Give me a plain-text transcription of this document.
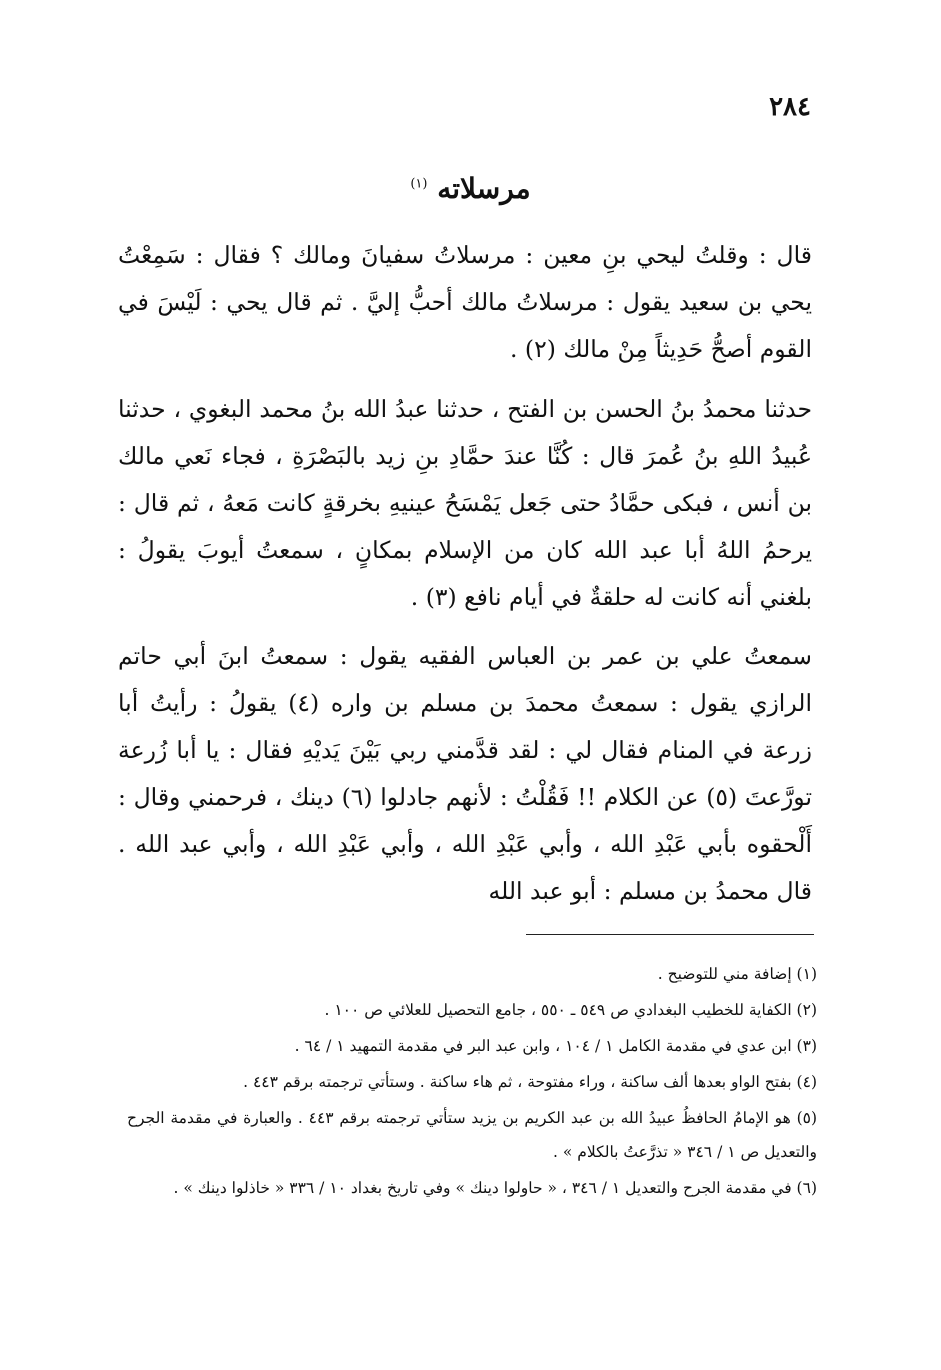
٢٨٤
مرسلاته $^{(١)}$

قال : وقلتُ ليحي بنِ معين : مرسلاتُ سفيانَ ومالك ؟ فقال : سَمِعْتُ يحي بن سعيد يقول : مرسلاتُ مالك أحبُّ إليَّ . ثم قال يحي : لَيْسَ في القوم أصحُّ حَدِيثاً مِنْ مالك (٢) .

حدثنا محمدُ بنُ الحسن بن الفتح ، حدثنا عبدُ الله بنُ محمد البغوي ، حدثنا عُبيدُ اللهِ بنُ عُمرَ قال : كُنَّا عندَ حمَّادِ بنِ زيد بالبَصْرَةِ ، فجاء نَعي مالك بن أنس ، فبكى حمَّادُ حتى جَعل يَمْسَحُ عينيهِ بخرقةٍ كانت مَعهُ ، ثم قال : يرحمُ اللهُ أبا عبد الله كان من الإسلام بمكانٍ ، سمعتُ أيوبَ يقولُ : بلغني أنه كانت له حلقةٌ في أيام نافع (٣) .

سمعتُ علي بن عمر بن العباس الفقيه يقول : سمعتُ ابنَ أبي حاتم الرازي يقول : سمعتُ محمدَ بن مسلم بن واره (٤) يقولُ : رأيتُ أبا زرعة في المنام فقال لي : لقد قدَّمني ربي بَيْنَ يَديْهِ فقال : يا أبا زُرعة تورَّعتَ (٥) عن الكلام !! فَقُلْتُ : لأنهم جادلوا (٦) دينك ، فرحمني وقال : أَلْحقوه بأبي عَبْدِ الله ، وأبي عَبْدِ الله ، وأبي عَبْدِ الله ، وأبي عبد الله . قال محمدُ بن مسلم : أبو عبد الله

(١) إضافة مني للتوضيح .

(٢) الكفاية للخطيب البغدادي ص ٥٤٩ ـ ٥٥٠ ، جامع التحصيل للعلائي ص ١٠٠ .

(٣) ابن عدي في مقدمة الكامل ١ / ١٠٤ ، وابن عبد البر في مقدمة التمهيد ١ / ٦٤ .

(٤) بفتح الواو بعدها ألف ساكنة ، وراء مفتوحة ، ثم هاء ساكنة . وستأتي ترجمته برقم ٤٤٣ .

(٥) هو الإمامُ الحافظُ عبيدُ الله بن عبد الكريم بن يزيد ستأتي ترجمته برقم ٤٤٣ . والعبارة في مقدمة الجرح والتعديل ص ١ / ٣٤٦ « تذرَّعتُ بالكلام » .

(٦) في مقدمة الجرح والتعديل ١ / ٣٤٦ ، « حاولوا دينك » وفي تاريخ بغداد ١٠ / ٣٣٦ « خاذلوا دينك » .
